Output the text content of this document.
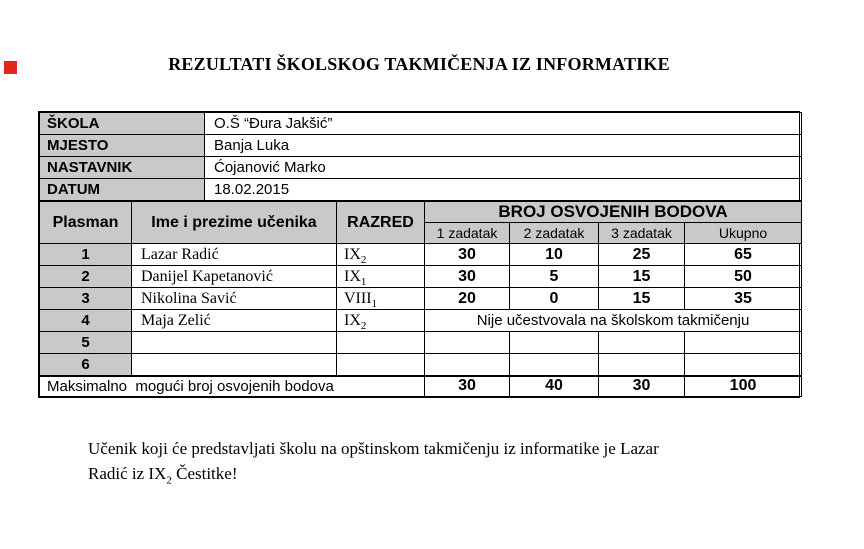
REZULTATI ŠKOLSKOG TAKMIČENJA IZ INFORMATIKE
ŠKOLA	O.Š “Đura Jakšić”
MJESTO	Banja Luka
NASTAVNIK	Ćojanović Marko
DATUM	18.02.2015
Plasman	Ime i prezime učenika	RAZRED	BROJ OSVOJENIH BODOVA			
			1 zadatak	2 zadatak	3 zadatak	Ukupno
1	Lazar Radić	$IX_2$	30	10	25	65
2	Danijel Kapetanović	$IX_1$	30	5	15	50
3	Nikolina Savić	$VIII_1$	20	0	15	35
4	Maja Zelić	$IX_2$	Nije učestvovala na školskom takmičenju			
5						
6						
Maksimalno  mogući broj osvojenih bodova			30	40	30	100

Učenik koji će predstavljati školu na opštinskom takmičenju iz informatike je Lazar
Radić iz $IX_2$ Čestitke!
